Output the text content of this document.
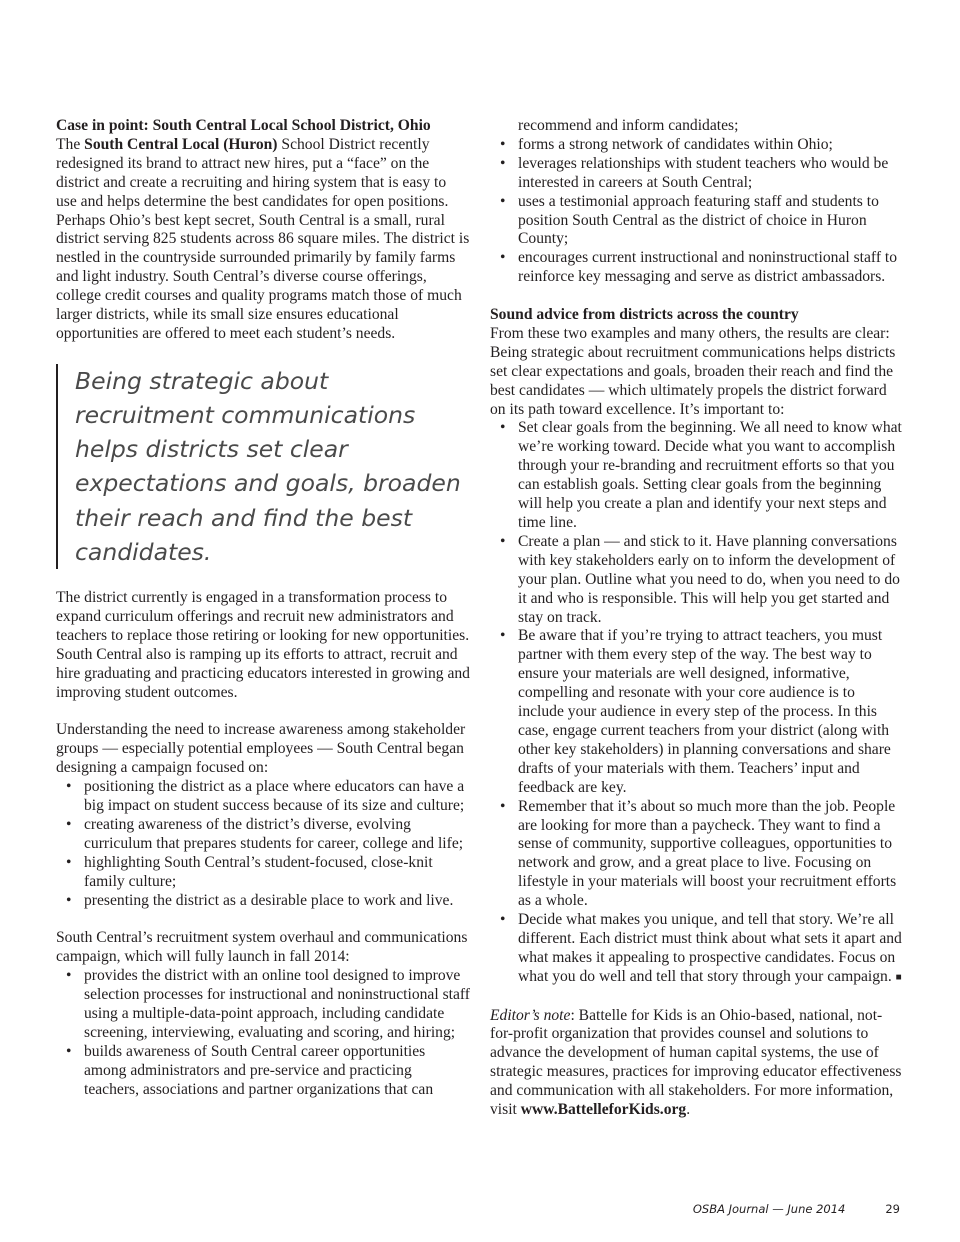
Case in point: South Central Local School District, Ohio

The South Central Local (Huron) School District recently redesigned its brand to attract new hires, put a “face” on the district and create a recruiting and hiring system that is easy to use and helps determine the best candidates for open positions. Perhaps Ohio’s best kept secret, South Central is a small, rural district serving 825 students across 86 square miles. The district is nestled in the countryside surrounded primarily by family farms and light industry. South Central’s diverse course offerings, college credit courses and quality programs match those of much larger districts, while its small size ensures educational opportunities are offered to meet each student’s needs.

Being strategic about recruitment communications helps districts set clear expectations and goals, broaden their reach and find the best candidates.

The district currently is engaged in a transformation process to expand curriculum offerings and recruit new administrators and teachers to replace those retiring or looking for new opportunities. South Central also is ramping up its efforts to attract, recruit and hire graduating and practicing educators interested in growing and improving student outcomes.

Understanding the need to increase awareness among stakeholder groups — especially potential employees — South Central began designing a campaign focused on:

• positioning the district as a place where educators can have a big impact on student success because of its size and culture;
• creating awareness of the district’s diverse, evolving curriculum that prepares students for career, college and life;
• highlighting South Central’s student-focused, close-knit family culture;
• presenting the district as a desirable place to work and live.

South Central’s recruitment system overhaul and communications campaign, which will fully launch in fall 2014:

• provides the district with an online tool designed to improve selection processes for instructional and noninstructional staff using a multiple-data-point approach, including candidate screening, interviewing, evaluating and scoring, and hiring;
• builds awareness of South Central career opportunities among administrators and pre-service and practicing teachers, associations and partner organizations that can

recommend and inform candidates;

• forms a strong network of candidates within Ohio;
• leverages relationships with student teachers who would be interested in careers at South Central;
• uses a testimonial approach featuring staff and students to position South Central as the district of choice in Huron County;
• encourages current instructional and noninstructional staff to reinforce key messaging and serve as district ambassadors.

Sound advice from districts across the country

From these two examples and many others, the results are clear: Being strategic about recruitment communications helps districts set clear expectations and goals, broaden their reach and find the best candidates — which ultimately propels the district forward on its path toward excellence. It’s important to:

• Set clear goals from the beginning. We all need to know what we’re working toward. Decide what you want to accomplish through your re-branding and recruitment efforts so that you can establish goals. Setting clear goals from the beginning will help you create a plan and identify your next steps and time line.
• Create a plan — and stick to it. Have planning conversations with key stakeholders early on to inform the development of your plan. Outline what you need to do, when you need to do it and who is responsible. This will help you get started and stay on track.
• Be aware that if you’re trying to attract teachers, you must partner with them every step of the way. The best way to ensure your materials are well designed, informative, compelling and resonate with your core audience is to include your audience in every step of the process. In this case, engage current teachers from your district (along with other key stakeholders) in planning conversations and share drafts of your materials with them. Teachers’ input and feedback are key.
• Remember that it’s about so much more than the job. People are looking for more than a paycheck. They want to find a sense of community, supportive colleagues, opportunities to network and grow, and a great place to live. Focusing on lifestyle in your materials will boost your recruitment efforts as a whole.
• Decide what makes you unique, and tell that story. We’re all different. Each district must think about what sets it apart and what makes it appealing to prospective candidates. Focus on what you do well and tell that story through your campaign. ■

Editor’s note: Battelle for Kids is an Ohio-based, national, not-for-profit organization that provides counsel and solutions to advance the development of human capital systems, the use of strategic measures, practices for improving educator effectiveness and communication with all stakeholders. For more information, visit www.BattelleforKids.org.

OSBA Journal — June 2014	29
